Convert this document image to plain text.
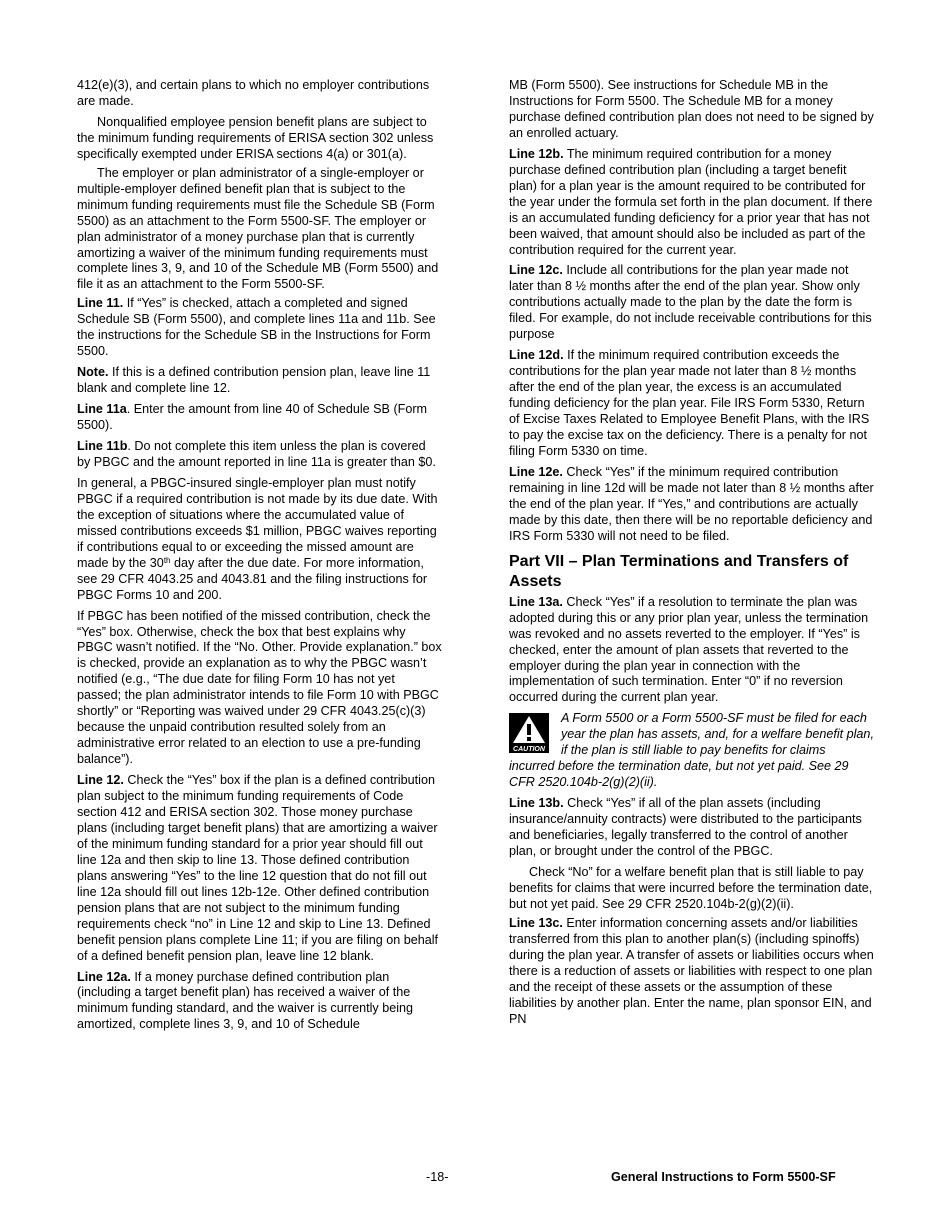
412(e)(3), and certain plans to which no employer contributions are made.

Nonqualified employee pension benefit plans are subject to the minimum funding requirements of ERISA section 302 unless specifically exempted under ERISA sections 4(a) or 301(a).

The employer or plan administrator of a single-employer or multiple-employer defined benefit plan that is subject to the minimum funding requirements must file the Schedule SB (Form 5500) as an attachment to the Form 5500-SF. The employer or plan administrator of a money purchase plan that is currently amortizing a waiver of the minimum funding requirements must complete lines 3, 9, and 10 of the Schedule MB (Form 5500) and file it as an attachment to the Form 5500-SF.

Line 11. If “Yes” is checked, attach a completed and signed Schedule SB (Form 5500), and complete lines 11a and 11b. See the instructions for the Schedule SB in the Instructions for Form 5500.

Note. If this is a defined contribution pension plan, leave line 11 blank and complete line 12.

Line 11a. Enter the amount from line 40 of Schedule SB (Form 5500).

Line 11b. Do not complete this item unless the plan is covered by PBGC and the amount reported in line 11a is greater than $0.

In general, a PBGC-insured single-employer plan must notify PBGC if a required contribution is not made by its due date. With the exception of situations where the accumulated value of missed contributions exceeds $1 million, PBGC waives reporting if contributions equal to or exceeding the missed amount are made by the 30th day after the due date. For more information, see 29 CFR 4043.25 and 4043.81 and the filing instructions for PBGC Forms 10 and 200.

If PBGC has been notified of the missed contribution, check the “Yes” box. Otherwise, check the box that best explains why PBGC wasn’t notified. If the “No. Other. Provide explanation.” box is checked, provide an explanation as to why the PBGC wasn’t notified (e.g., “The due date for filing Form 10 has not yet passed; the plan administrator intends to file Form 10 with PBGC shortly” or “Reporting was waived under 29 CFR 4043.25(c)(3) because the unpaid contribution resulted solely from an administrative error related to an election to use a pre-funding balance”).

Line 12. Check the “Yes” box if the plan is a defined contribution plan subject to the minimum funding requirements of Code section 412 and ERISA section 302. Those money purchase plans (including target benefit plans) that are amortizing a waiver of the minimum funding standard for a prior year should fill out line 12a and then skip to line 13. Those defined contribution plans answering “Yes” to the line 12 question that do not fill out line 12a should fill out lines 12b-12e. Other defined contribution pension plans that are not subject to the minimum funding requirements check “no” in Line 12 and skip to Line 13. Defined benefit pension plans complete Line 11; if you are filing on behalf of a defined benefit pension plan, leave line 12 blank.

Line 12a. If a money purchase defined contribution plan (including a target benefit plan) has received a waiver of the minimum funding standard, and the waiver is currently being amortized, complete lines 3, 9, and 10 of Schedule

MB (Form 5500). See instructions for Schedule MB in the Instructions for Form 5500. The Schedule MB for a money purchase defined contribution plan does not need to be signed by an enrolled actuary.

Line 12b. The minimum required contribution for a money purchase defined contribution plan (including a target benefit plan) for a plan year is the amount required to be contributed for the year under the formula set forth in the plan document. If there is an accumulated funding deficiency for a prior year that has not been waived, that amount should also be included as part of the contribution required for the current year.

Line 12c. Include all contributions for the plan year made not later than 8 ½ months after the end of the plan year. Show only contributions actually made to the plan by the date the form is filed. For example, do not include receivable contributions for this purpose

Line 12d. If the minimum required contribution exceeds the contributions for the plan year made not later than 8 ½ months after the end of the plan year, the excess is an accumulated funding deficiency for the plan year. File IRS Form 5330, Return of Excise Taxes Related to Employee Benefit Plans, with the IRS to pay the excise tax on the deficiency. There is a penalty for not filing Form 5330 on time.

Line 12e. Check “Yes” if the minimum required contribution remaining in line 12d will be made not later than 8 ½ months after the end of the plan year. If “Yes,” and contributions are actually made by this date, then there will be no reportable deficiency and IRS Form 5330 will not need to be filed.

Part VII – Plan Terminations and Transfers of Assets

Line 13a. Check “Yes” if a resolution to terminate the plan was adopted during this or any prior plan year, unless the termination was revoked and no assets reverted to the employer. If “Yes” is checked, enter the amount of plan assets that reverted to the employer during the plan year in connection with the implementation of such termination. Enter “0” if no reversion occurred during the current plan year.

CAUTION
A Form 5500 or a Form 5500-SF must be filed for each year the plan has assets, and, for a welfare benefit plan, if the plan is still liable to pay benefits for claims incurred before the termination date, but not yet paid. See 29 CFR 2520.104b-2(g)(2)(ii).

Line 13b. Check “Yes” if all of the plan assets (including insurance/annuity contracts) were distributed to the participants and beneficiaries, legally transferred to the control of another plan, or brought under the control of the PBGC.

Check “No” for a welfare benefit plan that is still liable to pay benefits for claims that were incurred before the termination date, but not yet paid. See 29 CFR 2520.104b-2(g)(2)(ii).

Line 13c. Enter information concerning assets and/or liabilities transferred from this plan to another plan(s) (including spinoffs) during the plan year. A transfer of assets or liabilities occurs when there is a reduction of assets or liabilities with respect to one plan and the receipt of these assets or the assumption of these liabilities by another plan. Enter the name, plan sponsor EIN, and PN

-18-	General Instructions to Form 5500-SF
